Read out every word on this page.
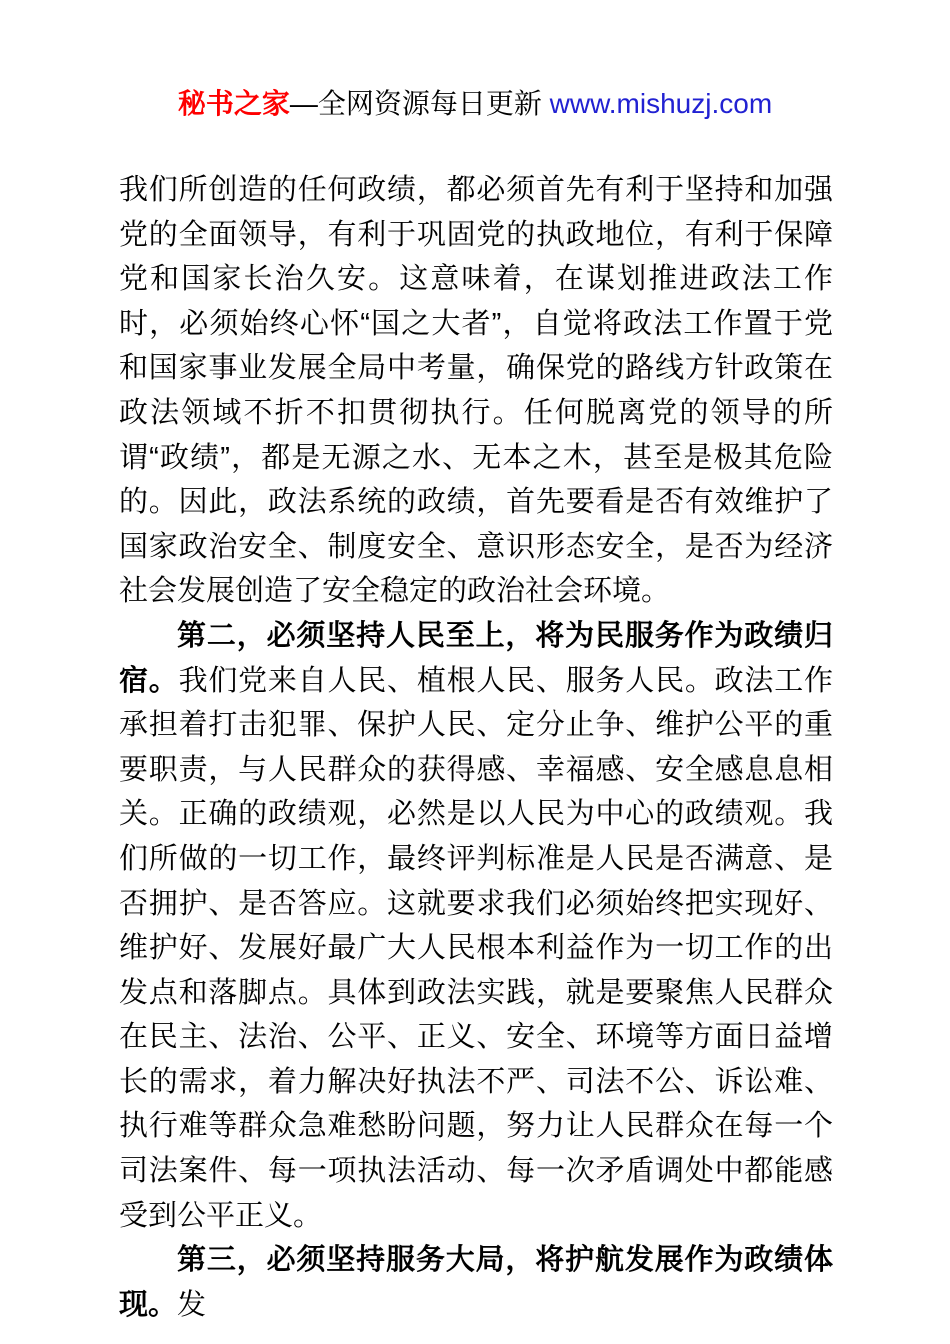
秘书之家—全网资源每日更新 www.mishuzj.com

我们所创造的任何政绩，都必须首先有利于坚持和加强党的全面领导，有利于巩固党的执政地位，有利于保障党和国家长治久安。这意味着，在谋划推进政法工作时，必须始终心怀“国之大者”，自觉将政法工作置于党和国家事业发展全局中考量，确保党的路线方针政策在政法领域不折不扣贯彻执行。任何脱离党的领导的所谓“政绩”，都是无源之水、无本之木，甚至是极其危险的。因此，政法系统的政绩，首先要看是否有效维护了国家政治安全、制度安全、意识形态安全，是否为经济社会发展创造了安全稳定的政治社会环境。

第二，必须坚持人民至上，将为民服务作为政绩归宿。我们党来自人民、植根人民、服务人民。政法工作承担着打击犯罪、保护人民、定分止争、维护公平的重要职责，与人民群众的获得感、幸福感、安全感息息相关。正确的政绩观，必然是以人民为中心的政绩观。我们所做的一切工作，最终评判标准是人民是否满意、是否拥护、是否答应。这就要求我们必须始终把实现好、维护好、发展好最广大人民根本利益作为一切工作的出发点和落脚点。具体到政法实践，就是要聚焦人民群众在民主、法治、公平、正义、安全、环境等方面日益增长的需求，着力解决好执法不严、司法不公、诉讼难、执行难等群众急难愁盼问题，努力让人民群众在每一个司法案件、每一项执法活动、每一次矛盾调处中都能感受到公平正义。

第三，必须坚持服务大局，将护航发展作为政绩体现。发
